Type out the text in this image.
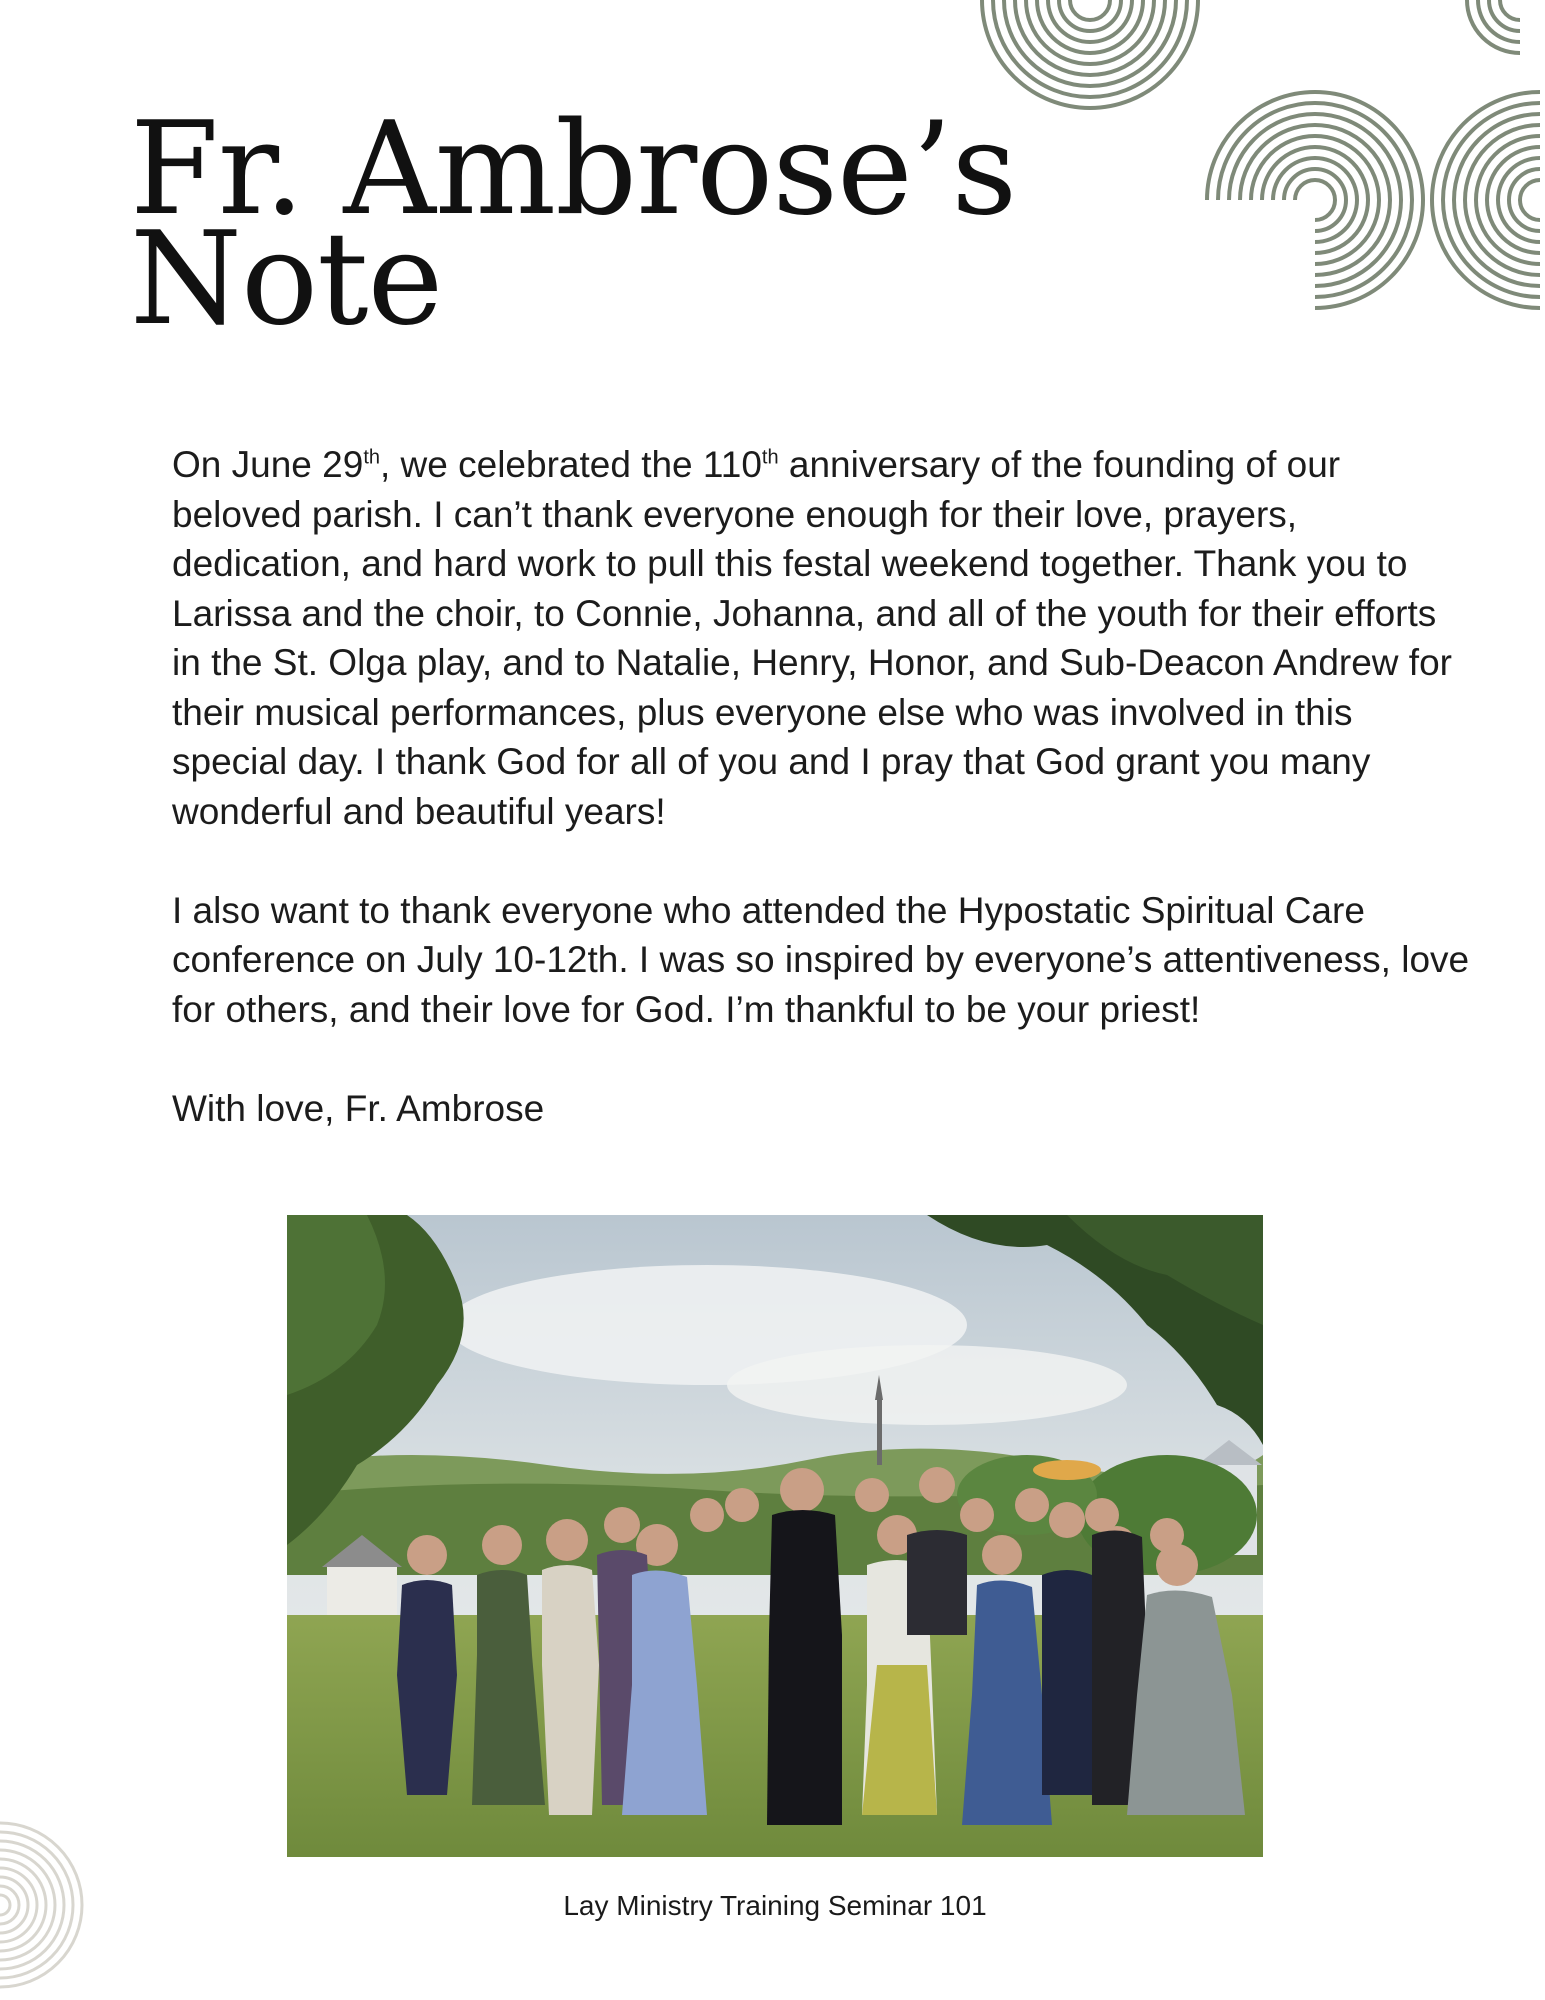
Fr. Ambrose’s
Note

On June 29th, we celebrated the 110th anniversary of the founding of our beloved parish. I can’t thank everyone enough for their love, prayers, dedication, and hard work to pull this festal weekend together. Thank you to Larissa and the choir, to Connie, Johanna, and all of the youth for their efforts in the St. Olga play, and to Natalie, Henry, Honor, and Sub-Deacon Andrew for their musical performances, plus everyone else who was involved in this special day. I thank God for all of you and I pray that God grant you many wonderful and beautiful years!

I also want to thank everyone who attended the Hypostatic Spiritual Care conference on July 10-12th. I was so inspired by everyone’s attentiveness, love for others, and their love for God. I’m thankful to be your priest!

With love, Fr. Ambrose

Lay Ministry Training Seminar 101
